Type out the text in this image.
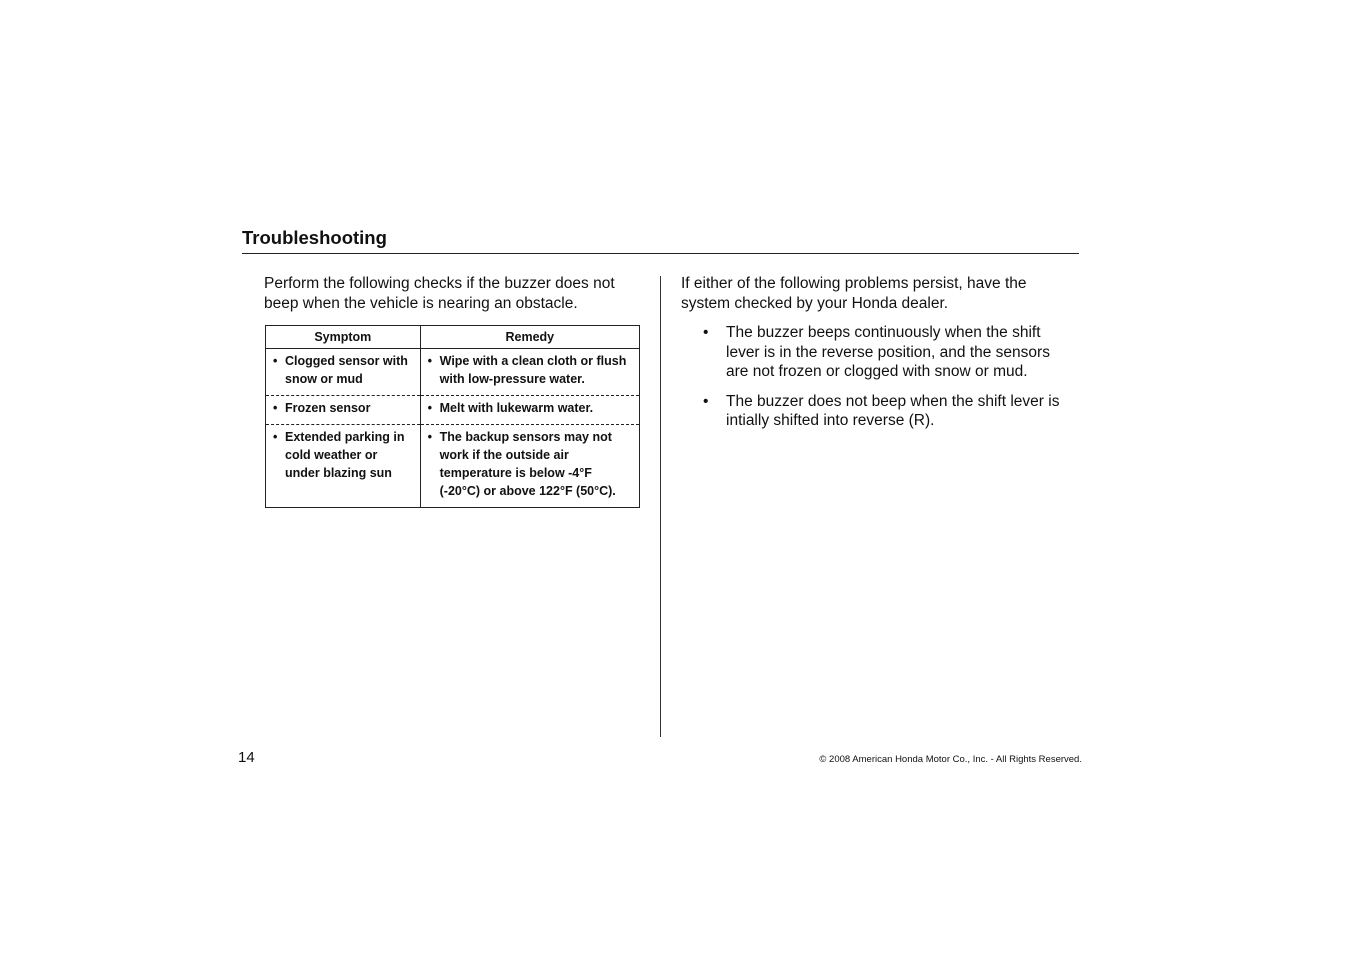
Troubleshooting

Perform the following checks if the buzzer does not beep when the vehicle is nearing an obstacle.

Symptom	Remedy

• Clogged sensor with snow or mud	• Wipe with a clean cloth or flush with low-pressure water.

• Frozen sensor	• Melt with lukewarm water.

• Extended parking in cold weather or under blazing sun	• The backup sensors may not work if the outside air temperature is below -4°F (-20°C) or above 122°F (50°C).

If either of the following problems persist, have the system checked by your Honda dealer.

•	The buzzer beeps continuously when the shift lever is in the reverse position, and the sensors are not frozen or clogged with snow or mud.
•	The buzzer does not beep when the shift lever is intially shifted into reverse (R).
14	© 2008 American Honda Motor Co., Inc. - All Rights Reserved.
